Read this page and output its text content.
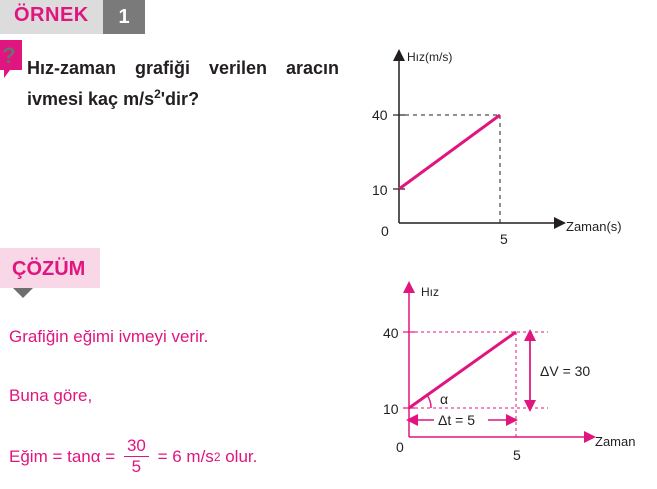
ÖRNEK	1
? Hız-zaman grafiği verilen aracın
ivmesi kaç $m/s^2'dir$?
Hız(m/s)
Zaman(s)
0
40
10
5
ÇÖZÜM
Grafiğin eğimi ivmeyi verir.
Buna göre,
Eğim = $\tan\alpha = \frac{30}{5} = 6$ m/s 2 olur.
Hız
Zaman
0
40
10
5
α
ΔV = 30
Δt = 5
